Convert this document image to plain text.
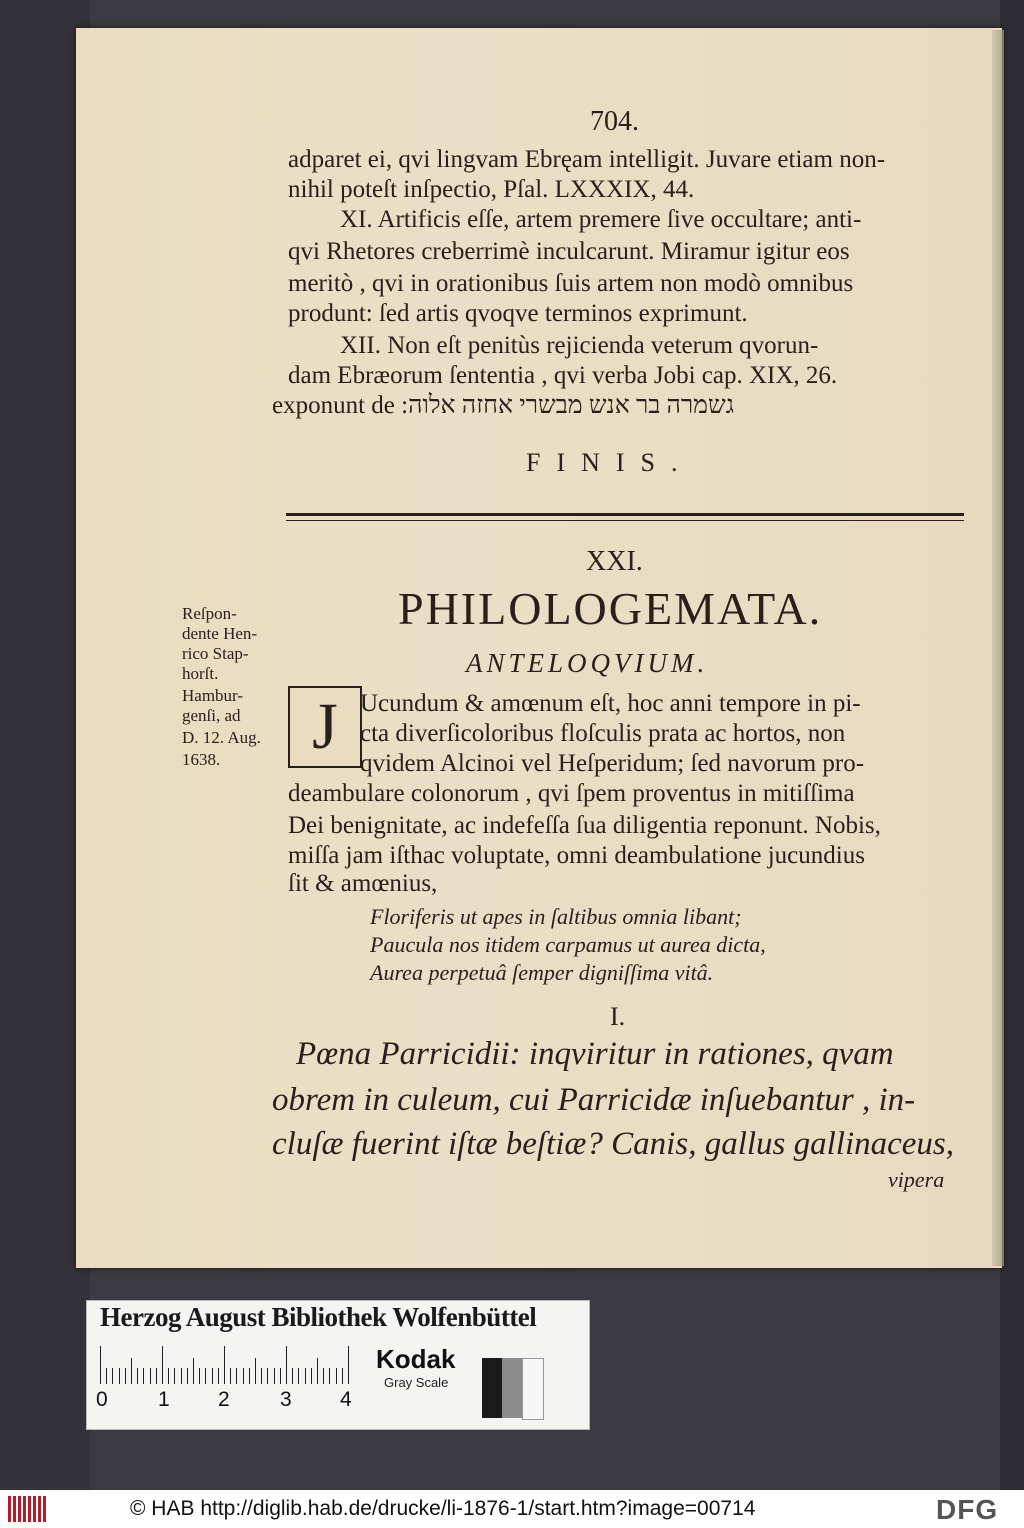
704.
adparet ei, qvi lingvam Ebręam intelligit. Juvare etiam non-
nihil poteſt inſpectio, Pſal. LXXXIX, 44.
XI. Artificis eſſe, artem premere ſive occultare; anti-
qvi Rhetores creberrimè inculcarunt. Miramur igitur eos
meritò , qvi in orationibus ſuis artem non modò omnibus
produnt: ſed artis qvoqve terminos exprimunt.
XII. Non eſt penitùs rejicienda veterum qvorun-
dam Ebræorum ſententia , qvi verba Jobi cap. XIX, 26.
גשמרה בר אנש מבשרי אחזה אלוה: exponunt de
FINIS.
XXI.
PHILOLOGEMATA.
ANTELOQVIUM.
Reſpon-
dente Hen-
rico Stap-
horſt.
Hambur-
genſi, ad
D. 12. Aug.
1638.	J Ucundum & amœnum eſt, hoc anni tempore in pi-
cta diverſicoloribus floſculis prata ac hortos, non
qvidem Alcinoi vel Heſperidum; ſed navorum pro-
deambulare colonorum , qvi ſpem proventus in mitiſſima
Dei benignitate, ac indefeſſa ſua diligentia reponunt. Nobis,
miſſa jam iſthac voluptate, omni deambulatione jucundius
ſit & amœnius,
Floriferis ut apes in ſaltibus omnia libant;
Paucula nos itidem carpamus ut aurea dicta,
Aurea perpetuâ ſemper digniſſima vitâ.
I.
Pœna Parricidii: inqviritur in rationes, qvam
obrem in culeum, cui Parricidæ inſuebantur , in-
cluſæ fuerint iſtæ beſtiæ? Canis, gallus gallinaceus,
vipera
Herzog August Bibliothek Wolfenbüttel
0 1 2 3 4
Kodak
Gray Scale
© HAB http://diglib.hab.de/drucke/li-1876-1/start.htm?image=00714	DFG
